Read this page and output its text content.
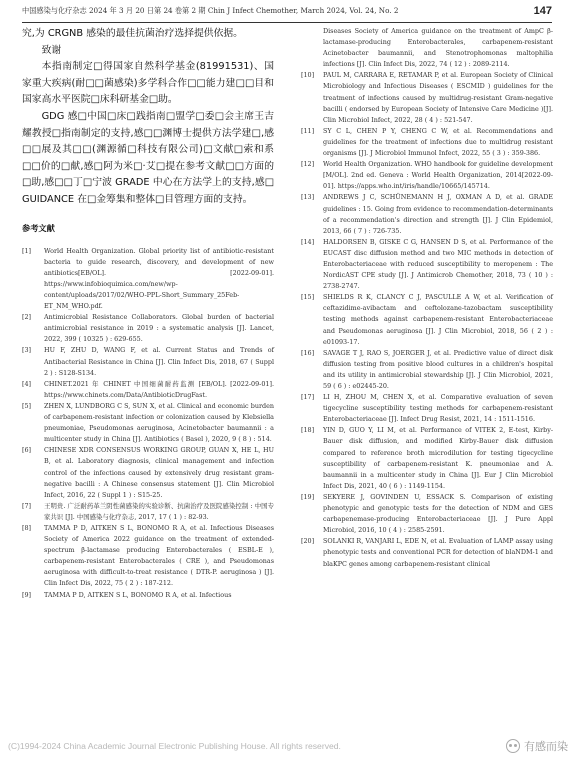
中国感染与化疗杂志 2024 年 3 月 20 日第 24 卷第 2 期 Chin J Infect Chemother, March 2024, Vol. 24, No. 2	147

究,为 CRGNB 感染的最佳抗菌治疗选择提供依据。

致谢

本指南制定□得国家自然科学基金(81991531)、国家重大疾病(耐□□菌感染)多学科合作□□能力建□□目和国家高水平医院□床科研基金□助。

GDG 感□中国□床□践指南□盟学□委□会主席王吉耀教授□指南制定的支持,感□□渊博士提供方法学建□,感□□展及其□□(渊源循□科技有限公司)□文献□索和系□□价的□献,感□阿为米□·艾□提在参考文献□□方面的□助,感□□丁□宁波 GRADE 中心在方法学上的支持,感□ GUIDANCE 在□金筹集和整体□目管理方面的支持。

参考文献
[1]	World Health Organization. Global priority list of antibiotic-resistant bacteria to guide research, discovery, and development of new antibiotics[EB/OL]. [2022-09-01]. https://www.infobioquimica.com/new/wp-content/uploads/2017/02/WHO-PPL-Short_Summary_25Feb-ET_NM_WHO.pdf.
[2]	Antimicrobial Resistance Collaborators. Global burden of bacterial antimicrobial resistance in 2019 : a systematic analysis [J]. Lancet, 2022, 399 ( 10325 ) : 629-655.
[3]	HU F, ZHU D, WANG F, et al. Current Status and Trends of Antibacterial Resistance in China [J]. Clin Infect Dis, 2018, 67 ( Suppl 2 ) : S128-S134.
[4]	CHINET.2021 年 CHINET 中国细菌耐药监测 [EB/OL]. [2022-09-01]. https://www.chinets.com/Data/AntibioticDrugFast.
[5]	ZHEN X, LUNDBORG C S, SUN X, et al. Clinical and economic burden of carbapenem-resistant infection or colonization caused by Klebsiella pneumoniae, Pseudomonas aeruginosa, Acinetobacter baumannii : a multicenter study in China [J]. Antibiotics ( Basel ), 2020, 9 ( 8 ) : 514.
[6]	CHINESE XDR CONSENSUS WORKING GROUP, GUAN X, HE L, HU B, et al. Laboratory diagnosis, clinical management and infection control of the infections caused by extensively drug resistant gram-negative bacilli : A Chinese consensus statement [J]. Clin Microbiol Infect, 2016, 22 ( Suppl 1 ) : S15-25.
[7]	王明贵. 广泛耐药革兰阴性菌感染的实验诊断、抗菌治疗及医院感染控制 : 中国专家共识 [J]. 中国感染与化疗杂志, 2017, 17 ( 1 ) : 82-93.
[8]	TAMMA P D, AITKEN S L, BONOMO R A, et al. Infectious Diseases Society of America 2022 guidance on the treatment of extended-spectrum β-lactamase producing Enterobacterales ( ESBL-E ), carbapenem-resistant Enterobacterales ( CRE ), and Pseudomonas aeruginosa with difficult-to-treat resistance ( DTR-P. aeruginosa ) [J]. Clin Infect Dis, 2022, 75 ( 2 ) : 187-212.
[9]	TAMMA P D, AITKEN S L, BONOMO R A, et al. Infectious
Diseases Society of America guidance on the treatment of AmpC β-lactamase-producing Enterobacterales, carbapenem-resistant Acinetobacter baumannii, and Stenotrophomonas maltophilia infections [J]. Clin Infect Dis, 2022, 74 ( 12 ) : 2089-2114.
[10]	PAUL M, CARRARA E, RETAMAR P, et al. European Society of Clinical Microbiology and Infectious Diseases ( ESCMID ) guidelines for the treatment of infections caused by multidrug-resistant Gram-negative bacilli ( endorsed by European Society of Intensive Care Medicine )[J]. Clin Microbiol Infect, 2022, 28 ( 4 ) : 521-547.
[11]	SY C L, CHEN P Y, CHENG C W, et al. Recommendations and guidelines for the treatment of infections due to multidrug resistant organisms [J]. J Microbiol Immunol Infect, 2022, 55 ( 3 ) : 359-386.
[12]	World Health Organization. WHO handbook for guideline development [M/OL]. 2nd ed. Geneva : World Health Organization, 2014[2022-09-01]. https://apps.who.int/iris/handle/10665/145714.
[13]	ANDREWS J C, SCHÜNEMANN H J, OXMAN A D, et al. GRADE guidelines : 15. Going from evidence to recommendation-determinants of a recommendation's direction and strength [J]. J Clin Epidemiol, 2013, 66 ( 7 ) : 726-735.
[14]	HALDORSEN B, GISKE C G, HANSEN D S, et al. Performance of the EUCAST disc diffusion method and two MIC methods in detection of Enterobacteriaceae with reduced susceptibility to meropenem : The NordicAST CPE study [J]. J Antimicrob Chemother, 2018, 73 ( 10 ) : 2738-2747.
[15]	SHIELDS R K, CLANCY C J, PASCULLE A W, et al. Verification of ceftazidime-avibactam and ceftolozane-tazobactam susceptibility testing methods against carbapenem-resistant Enterobacteriaceae and Pseudomonas aeruginosa [J]. J Clin Microbiol, 2018, 56 ( 2 ) : e01093-17.
[16]	SAVAGE T J, RAO S, JOERGER J, et al. Predictive value of direct disk diffusion testing from positive blood cultures in a children's hospital and its utility in antimicrobial stewardship [J]. J Clin Microbiol, 2021, 59 ( 6 ) : e02445-20.
[17]	LI H, ZHOU M, CHEN X, et al. Comparative evaluation of seven tigecycline susceptibility testing methods for carbapenem-resistant Enterobacteriaceae [J]. Infect Drug Resist, 2021, 14 : 1511-1516.
[18]	YIN D, GUO Y, LI M, et al. Performance of VITEK 2, E-test, Kirby-Bauer disk diffusion, and modified Kirby-Bauer disk diffusion compared to reference broth microdilution for testing tigecycline susceptibility of carbapenem-resistant K. pneumoniae and A. baumannii in a multicenter study in China [J]. Eur J Clin Microbiol Infect Dis, 2021, 40 ( 6 ) : 1149-1154.
[19]	SEKYERE J, GOVINDEN U, ESSACK S. Comparison of existing phenotypic and genotypic tests for the detection of NDM and GES carbapenemase-producing Enterobacteriaceae [J]. J Pure Appl Microbiol, 2016, 10 ( 4 ) : 2585-2591.
[20]	SOLANKI R, VANJARI L, EDE N, et al. Evaluation of LAMP assay using phenotypic tests and conventional PCR for detection of blaNDM-1 and blaKPC genes among carbapenem-resistant clinical
(C)1994-2024 China Academic Journal Electronic Publishing House. All rights reserved.	有感而染
